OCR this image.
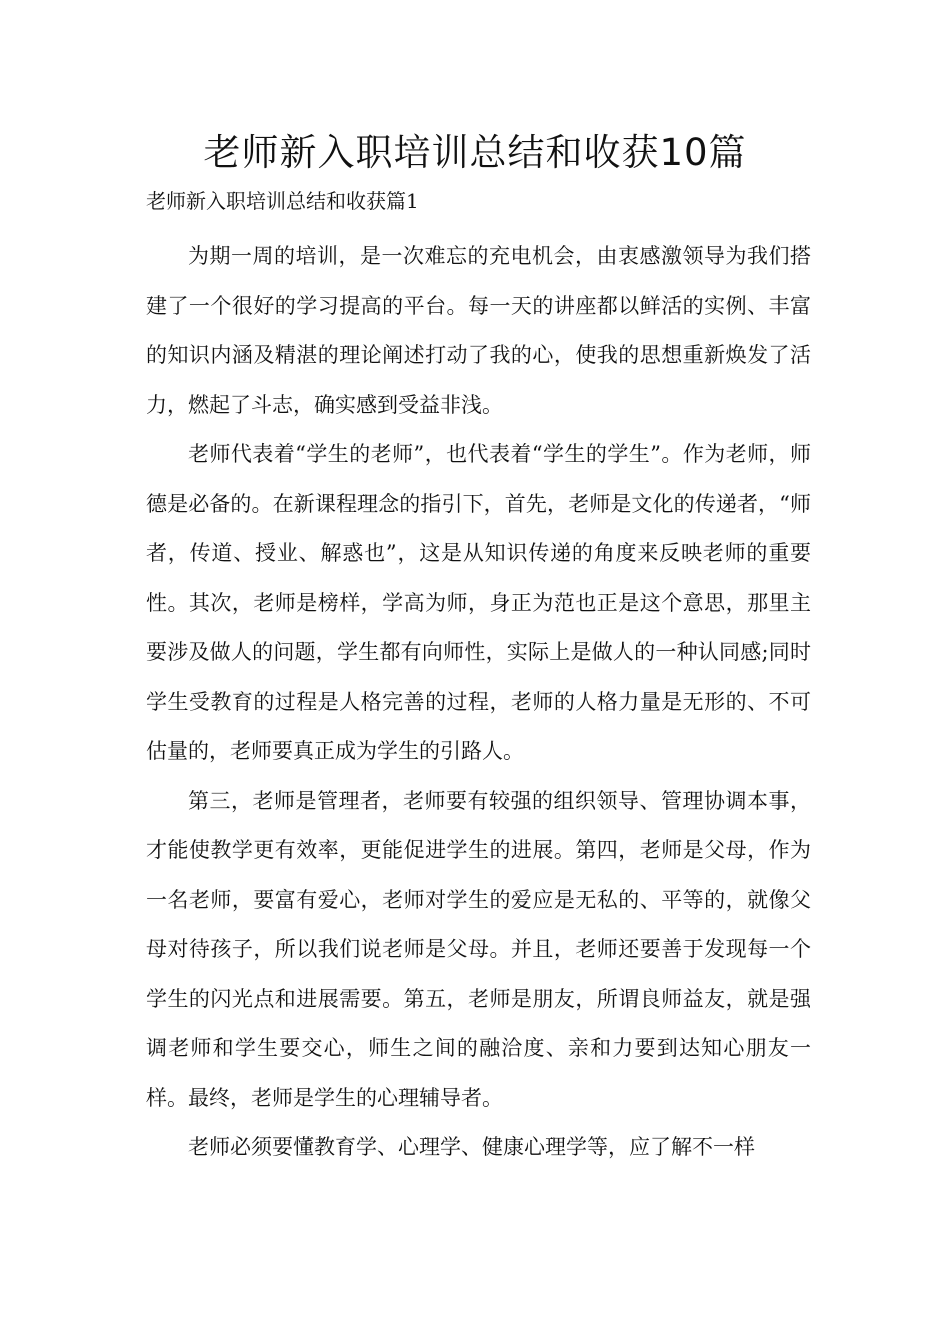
老师新入职培训总结和收获10篇

老师新入职培训总结和收获篇1

为期一周的培训，是一次难忘的充电机会，由衷感激领导为我们搭建了一个很好的学习提高的平台。每一天的讲座都以鲜活的实例、丰富的知识内涵及精湛的理论阐述打动了我的心，使我的思想重新焕发了活力，燃起了斗志，确实感到受益非浅。

老师代表着“学生的老师”，也代表着“学生的学生”。作为老师，师德是必备的。在新课程理念的指引下，首先，老师是文化的传递者，“师者，传道、授业、解惑也”，这是从知识传递的角度来反映老师的重要性。其次，老师是榜样，学高为师，身正为范也正是这个意思，那里主要涉及做人的问题，学生都有向师性，实际上是做人的一种认同感;同时学生受教育的过程是人格完善的过程，老师的人格力量是无形的、不可估量的，老师要真正成为学生的引路人。

第三，老师是管理者，老师要有较强的组织领导、管理协调本事，才能使教学更有效率，更能促进学生的进展。第四，老师是父母，作为一名老师，要富有爱心，老师对学生的爱应是无私的、平等的，就像父母对待孩子，所以我们说老师是父母。并且，老师还要善于发现每一个学生的闪光点和进展需要。第五，老师是朋友，所谓良师益友，就是强调老师和学生要交心，师生之间的融洽度、亲和力要到达知心朋友一样。最终，老师是学生的心理辅导者。

老师必须要懂教育学、心理学、健康心理学等，应了解不一样
